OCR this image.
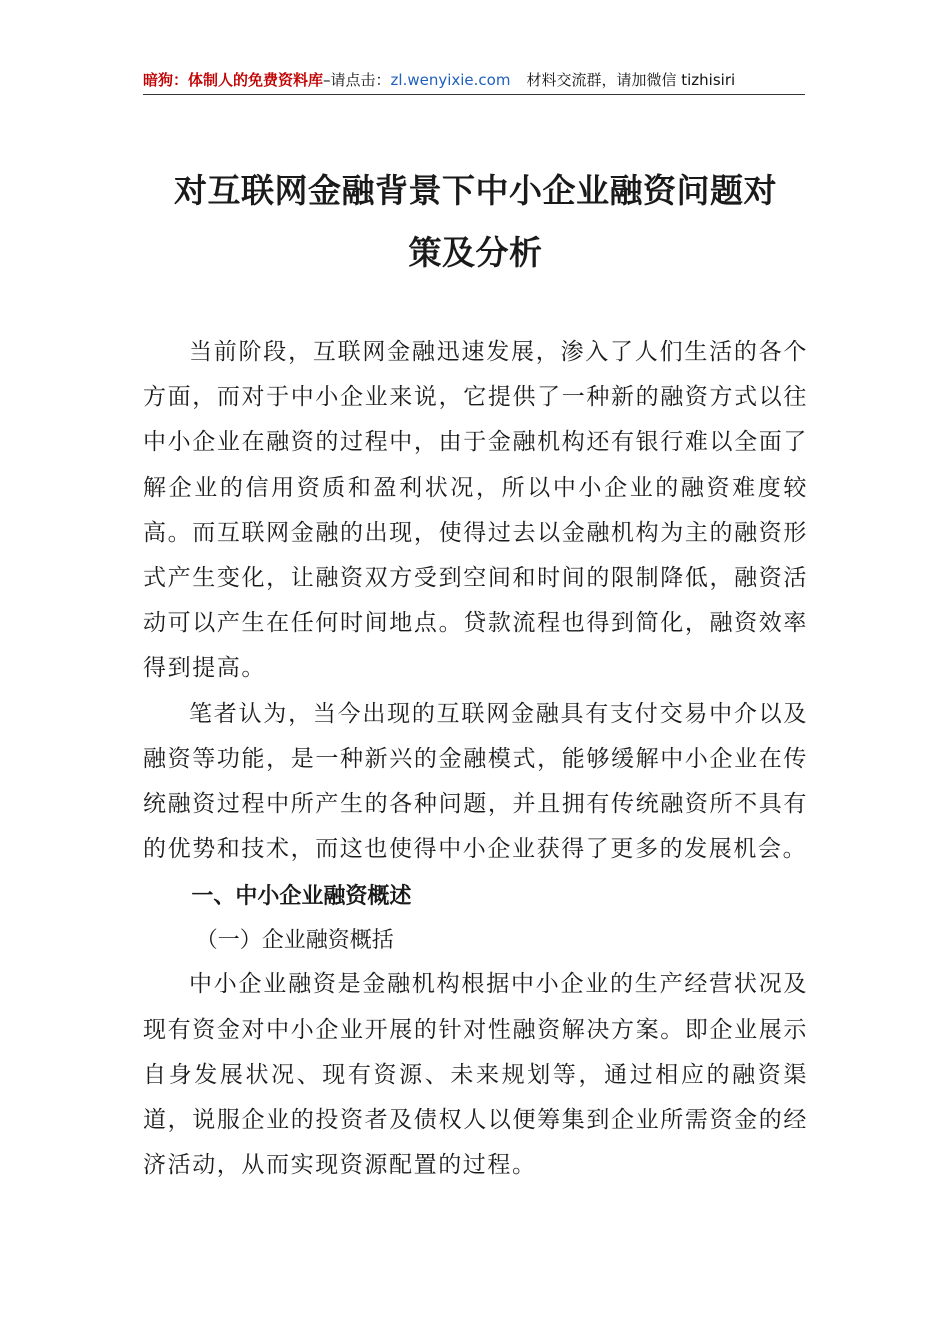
暗狗：体制人的免费资料库–请点击：zl.wenyixie.com 材料交流群，请加微信 tizhisiri
对互联网金融背景下中小企业融资问题对
策及分析

当前阶段，互联网金融迅速发展，渗入了人们生活的各个方面，而对于中小企业来说，它提供了一种新的融资方式以往中小企业在融资的过程中，由于金融机构还有银行难以全面了解企业的信用资质和盈利状况，所以中小企业的融资难度较高。而互联网金融的出现，使得过去以金融机构为主的融资形式产生变化，让融资双方受到空间和时间的限制降低，融资活动可以产生在任何时间地点。贷款流程也得到简化，融资效率得到提高。

笔者认为，当今出现的互联网金融具有支付交易中介以及融资等功能，是一种新兴的金融模式，能够缓解中小企业在传统融资过程中所产生的各种问题，并且拥有传统融资所不具有的优势和技术，而这也使得中小企业获得了更多的发展机会。

一、中小企业融资概述
（一）企业融资概括

中小企业融资是金融机构根据中小企业的生产经营状况及现有资金对中小企业开展的针对性融资解决方案。即企业展示自身发展状况、现有资源、未来规划等，通过相应的融资渠道，说服企业的投资者及债权人以便筹集到企业所需资金的经济活动，从而实现资源配置的过程。
